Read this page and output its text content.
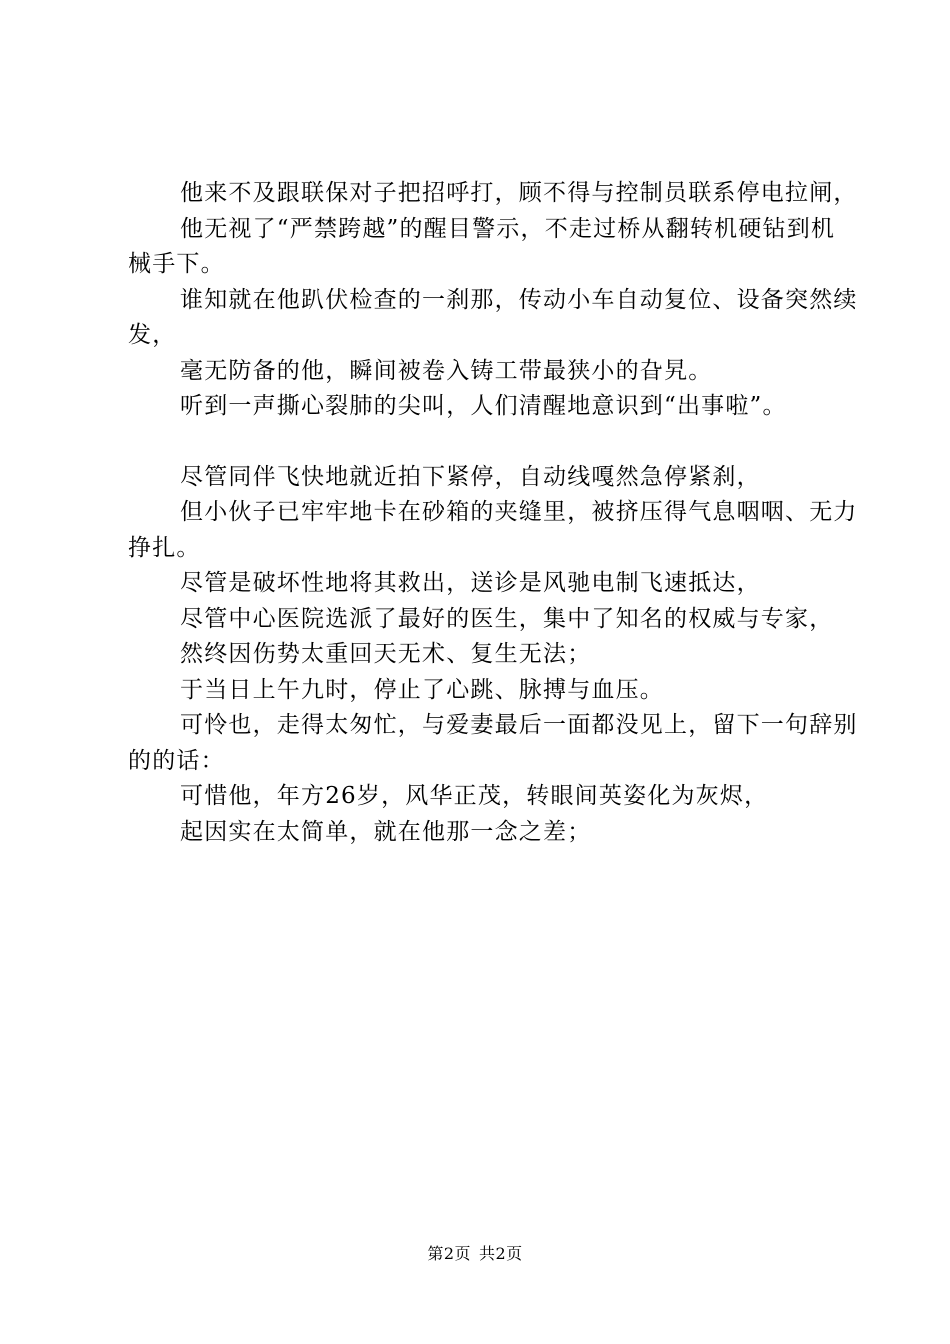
他来不及跟联保对子把招呼打，顾不得与控制员联系停电拉闸，

他无视了“严禁跨越”的醒目警示，不走过桥从翻转机硬钻到机械手下。

谁知就在他趴伏检查的一刹那，传动小车自动复位、设备突然续发，

毫无防备的他，瞬间被卷入铸工带最狭小的旮旯。

听到一声撕心裂肺的尖叫，人们清醒地意识到“出事啦”。

尽管同伴飞快地就近拍下紧停，自动线嘎然急停紧刹，

但小伙子已牢牢地卡在砂箱的夹缝里，被挤压得气息咽咽、无力挣扎。

尽管是破坏性地将其救出，送诊是风驰电制飞速抵达，

尽管中心医院选派了最好的医生，集中了知名的权威与专家，

然终因伤势太重回天无术、复生无法；

于当日上午九时，停止了心跳、脉搏与血压。

可怜也，走得太匆忙，与爱妻最后一面都没见上，留下一句辞别的的话：

可惜他，年方26岁，风华正茂，转眼间英姿化为灰烬，

起因实在太简单，就在他那一念之差；

第2页 共2页
